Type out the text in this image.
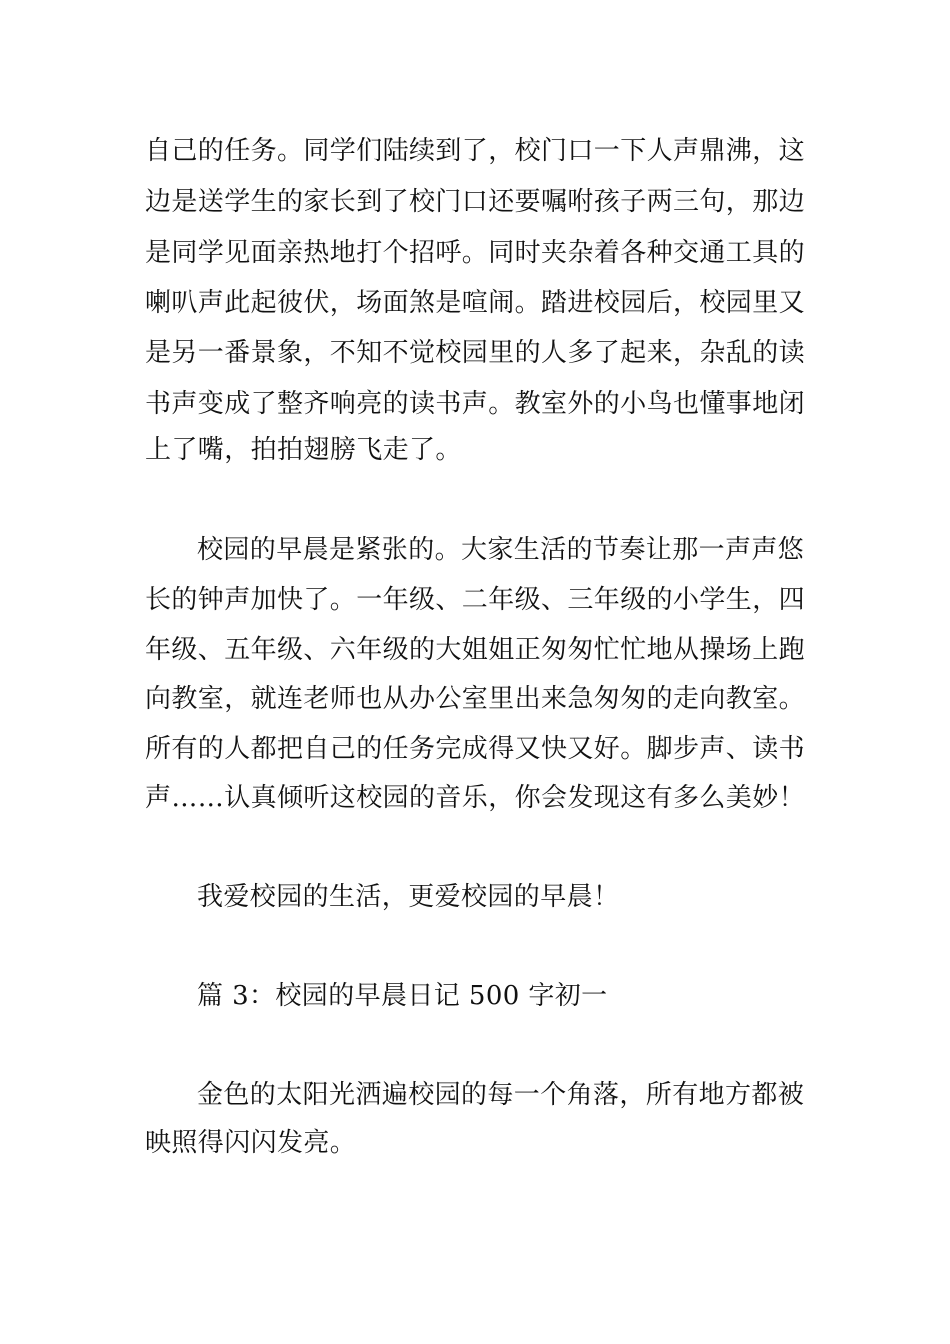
自己的任务。同学们陆续到了，校门口一下人声鼎沸，这
边是送学生的家长到了校门口还要嘱咐孩子两三句，那边
是同学见面亲热地打个招呼。同时夹杂着各种交通工具的
喇叭声此起彼伏，场面煞是喧闹。踏进校园后，校园里又
是另一番景象，不知不觉校园里的人多了起来，杂乱的读
书声变成了整齐响亮的读书声。教室外的小鸟也懂事地闭
上了嘴，拍拍翅膀飞走了。
校园的早晨是紧张的。大家生活的节奏让那一声声悠
长的钟声加快了。一年级、二年级、三年级的小学生，四
年级、五年级、六年级的大姐姐正匆匆忙忙地从操场上跑
向教室，就连老师也从办公室里出来急匆匆的走向教室。
所有的人都把自己的任务完成得又快又好。脚步声、读书
声……认真倾听这校园的音乐，你会发现这有多么美妙！
我爱校园的生活，更爱校园的早晨！
篇 3：校园的早晨日记 500 字初一
金色的太阳光洒遍校园的每一个角落，所有地方都被
映照得闪闪发亮。
